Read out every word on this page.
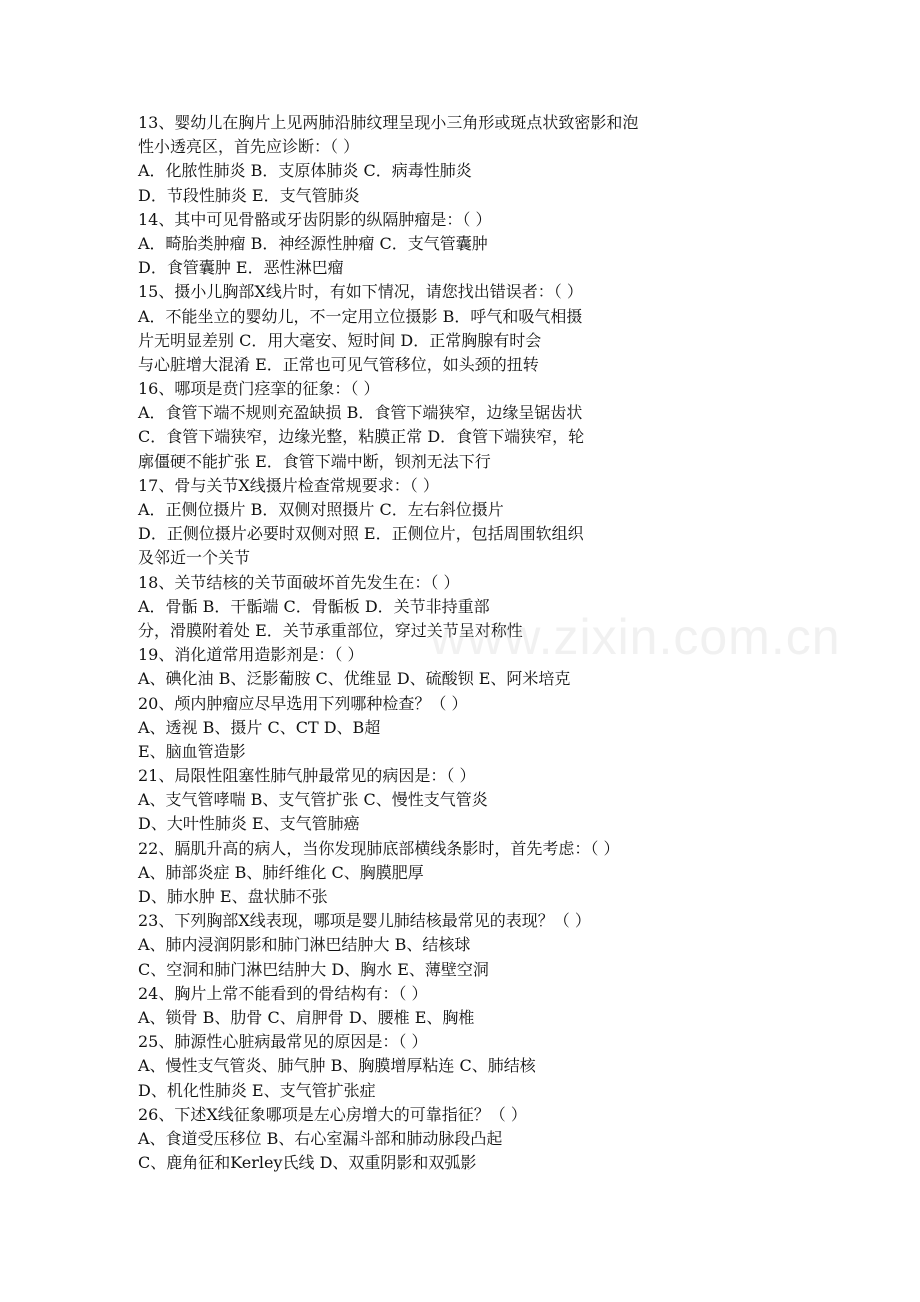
13、婴幼儿在胸片上见两肺沿肺纹理呈现小三角形或斑点状致密影和泡
性小透亮区，首先应诊断：（ ）
A．化脓性肺炎 B．支原体肺炎 C．病毒性肺炎
D．节段性肺炎 E．支气管肺炎
14、其中可见骨骼或牙齿阴影的纵隔肿瘤是：（ ）
A．畸胎类肿瘤 B．神经源性肿瘤 C．支气管囊肿
D．食管囊肿 E．恶性淋巴瘤
15、摄小儿胸部X线片时，有如下情况，请您找出错误者：（ ）
A．不能坐立的婴幼儿，不一定用立位摄影 B．呼气和吸气相摄
片无明显差别 C．用大毫安、短时间 D．正常胸腺有时会
与心脏增大混淆 E．正常也可见气管移位，如头颈的扭转
16、哪项是贲门痉挛的征象：（ ）
A．食管下端不规则充盈缺损 B．食管下端狭窄，边缘呈锯齿状
C．食管下端狭窄，边缘光整，粘膜正常 D．食管下端狭窄，轮
廓僵硬不能扩张 E．食管下端中断，钡剂无法下行
17、骨与关节X线摄片检查常规要求：（ ）
A．正侧位摄片 B．双侧对照摄片 C．左右斜位摄片
D．正侧位摄片必要时双侧对照 E．正侧位片，包括周围软组织
及邻近一个关节
18、关节结核的关节面破坏首先发生在：（ ）
A．骨骺 B．干骺端 C．骨骺板 D．关节非持重部
分，滑膜附着处 E．关节承重部位，穿过关节呈对称性
19、消化道常用造影剂是：（ ）
A、碘化油 B、泛影葡胺 C、优维显 D、硫酸钡 E、阿米培克
20、颅内肿瘤应尽早选用下列哪种检查？（ ）
A、透视 B、摄片 C、CT D、B超
E、脑血管造影
21、局限性阻塞性肺气肿最常见的病因是：（ ）
A、支气管哮喘 B、支气管扩张 C、慢性支气管炎
D、大叶性肺炎 E、支气管肺癌
22、膈肌升高的病人，当你发现肺底部横线条影时，首先考虑：（ ）
A、肺部炎症 B、肺纤维化 C、胸膜肥厚
D、肺水肿 E、盘状肺不张
23、下列胸部X线表现，哪项是婴儿肺结核最常见的表现？（ ）
A、肺内浸润阴影和肺门淋巴结肿大 B、结核球
C、空洞和肺门淋巴结肿大 D、胸水 E、薄壁空洞
24、胸片上常不能看到的骨结构有：（ ）
A、锁骨 B、肋骨 C、肩胛骨 D、腰椎 E、胸椎
25、肺源性心脏病最常见的原因是：（ ）
A、慢性支气管炎、肺气肿 B、胸膜增厚粘连 C、肺结核
D、机化性肺炎 E、支气管扩张症
26、下述X线征象哪项是左心房增大的可靠指征？（ ）
A、食道受压移位 B、右心室漏斗部和肺动脉段凸起
C、鹿角征和Kerley氏线 D、双重阴影和双弧影
www.zixin.com.cn
